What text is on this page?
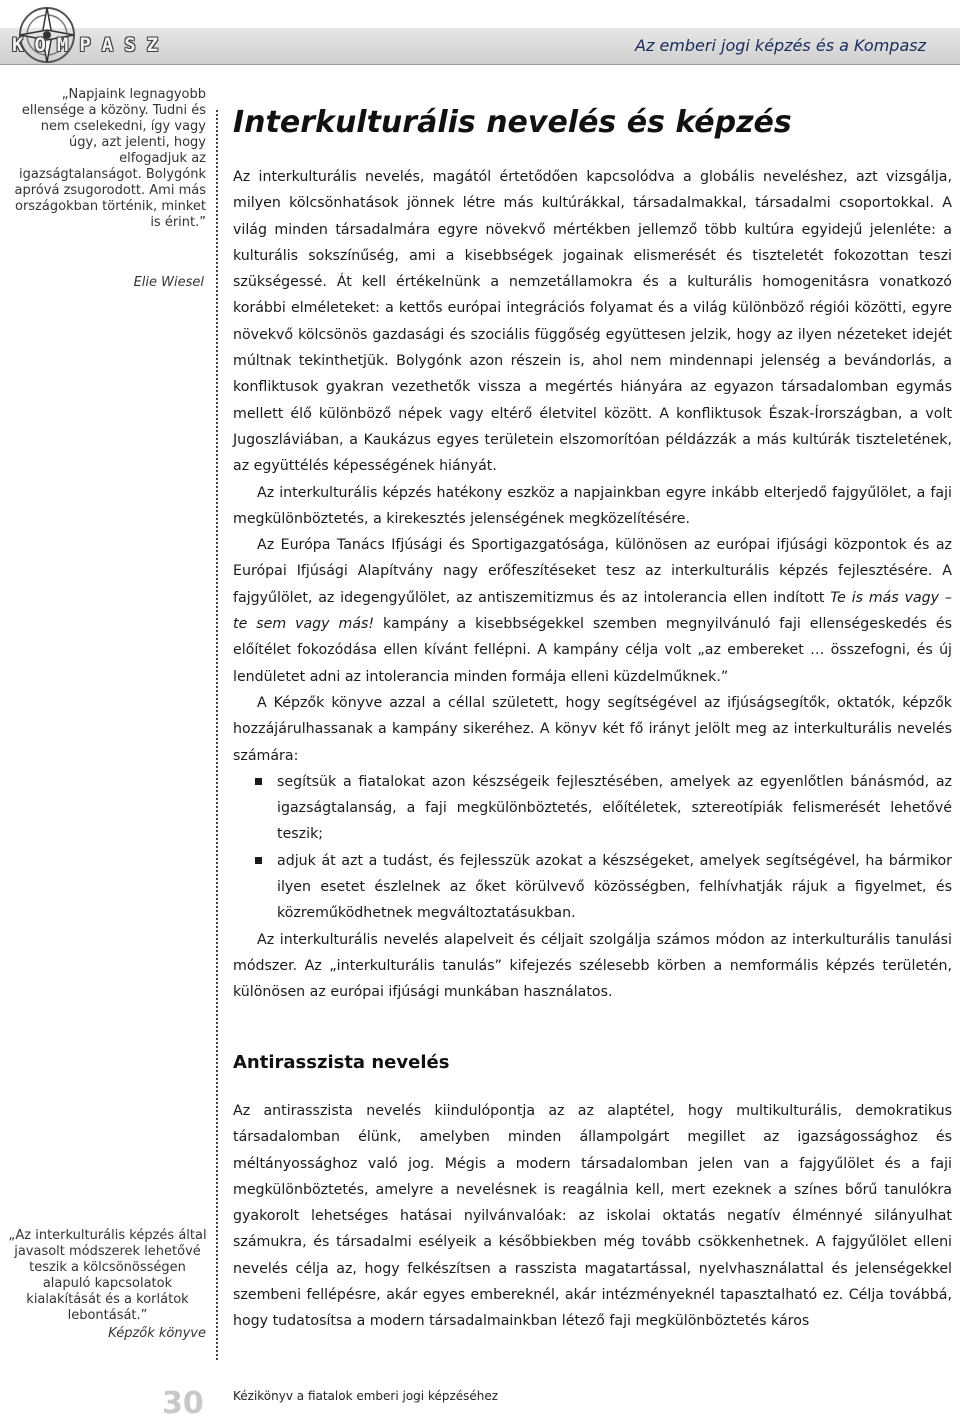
KOMPASZ	Az emberi jogi képzés és a Kompasz
„Napjaink legnagyobb ellensége a közöny. Tudni és nem cselekedni, így vagy úgy, azt jelenti, hogy elfogadjuk az igazságtalanságot. Bolygónk apróvá zsugorodott. Ami más országokban történik, minket is érint.”
Elie Wiesel
„Az interkulturális képzés által javasolt módszerek lehetővé teszik a kölcsönösségen alapuló kapcsolatok kialakítását és a korlátok lebontását.”
Képzők könyve
Interkulturális nevelés és képzés

Az interkulturális nevelés, magától értetődően kapcsolódva a globális neveléshez, azt vizsgálja, milyen kölcsönhatások jönnek létre más kultúrákkal, társadalmakkal, társadalmi csoportokkal. A világ minden társadalmára egyre növekvő mértékben jellemző több kultúra egyidejű jelenléte: a kulturális sokszínűség, ami a kisebbségek jogainak elismerését és tiszteletét fokozottan teszi szükségessé. Át kell értékelnünk a nemzetállamokra és a kulturális homogenitásra vonatkozó korábbi elméleteket: a kettős európai integrációs folyamat és a világ különböző régiói közötti, egyre növekvő kölcsönös gazdasági és szociális függőség együttesen jelzik, hogy az ilyen nézeteket idejét múltnak tekinthetjük. Bolygónk azon részein is, ahol nem mindennapi jelenség a bevándorlás, a konfliktusok gyakran vezethetők vissza a megértés hiányára az egyazon társadalomban egymás mellett élő különböző népek vagy eltérő életvitel között. A konfliktusok Észak-Írországban, a volt Jugoszláviában, a Kaukázus egyes területein elszomorítóan példázzák a más kultúrák tiszteletének, az együttélés képességének hiányát.

Az interkulturális képzés hatékony eszköz a napjainkban egyre inkább elterjedő fajgyűlölet, a faji megkülönböztetés, a kirekesztés jelenségének megközelítésére.

Az Európa Tanács Ifjúsági és Sportigazgatósága, különösen az európai ifjúsági központok és az Európai Ifjúsági Alapítvány nagy erőfeszítéseket tesz az interkulturális képzés fejlesztésére. A fajgyűlölet, az idegengyűlölet, az antiszemitizmus és az intolerancia ellen indított Te is más vagy – te sem vagy más! kampány a kisebbségekkel szemben megnyilvánuló faji ellenségeskedés és előítélet fokozódása ellen kívánt fellépni. A kampány célja volt „az embereket … összefogni, és új lendületet adni az intolerancia minden formája elleni küzdelműknek.”

A Képzők könyve azzal a céllal született, hogy segítségével az ifjúságsegítők, oktatók, képzők hozzájárulhassanak a kampány sikeréhez. A könyv két fő irányt jelölt meg az interkulturális nevelés számára:

segítsük a fiatalokat azon készségeik fejlesztésében, amelyek az egyenlőtlen bánásmód, az igazságtalanság, a faji megkülönböztetés, előítéletek, sztereotípiák felismerését lehetővé teszik;
adjuk át azt a tudást, és fejlesszük azokat a készségeket, amelyek segítségével, ha bármikor ilyen esetet észlelnek az őket körülvevő közösségben, felhívhatják rájuk a figyelmet, és közreműködhetnek megváltoztatásukban.

Az interkulturális nevelés alapelveit és céljait szolgálja számos módon az interkulturális tanulási módszer. Az „interkulturális tanulás” kifejezés szélesebb körben a nemformális képzés területén, különösen az európai ifjúsági munkában használatos.

Antirasszista nevelés

Az antirasszista nevelés kiindulópontja az az alaptétel, hogy multikulturális, demokratikus társadalomban élünk, amelyben minden állampolgárt megillet az igazságossághoz és méltányossághoz való jog. Mégis a modern társadalomban jelen van a fajgyűlölet és a faji megkülönböztetés, amelyre a nevelésnek is reagálnia kell, mert ezeknek a színes bőrű tanulókra gyakorolt lehetséges hatásai nyilvánvalóak: az iskolai oktatás negatív élménnyé silányulhat számukra, és társadalmi esélyeik a későbbiekben még tovább csökkenhetnek. A fajgyűlölet elleni nevelés célja az, hogy felkészítsen a rasszista magatartással, nyelvhasználattal és jelenségekkel szembeni fellépésre, akár egyes embereknél, akár intézményeknél tapasztalható ez. Célja továbbá, hogy tudatosítsa a modern társadalmainkban létező faji megkülönböztetés káros

30 Kézikönyv a fiatalok emberi jogi képzéséhez
